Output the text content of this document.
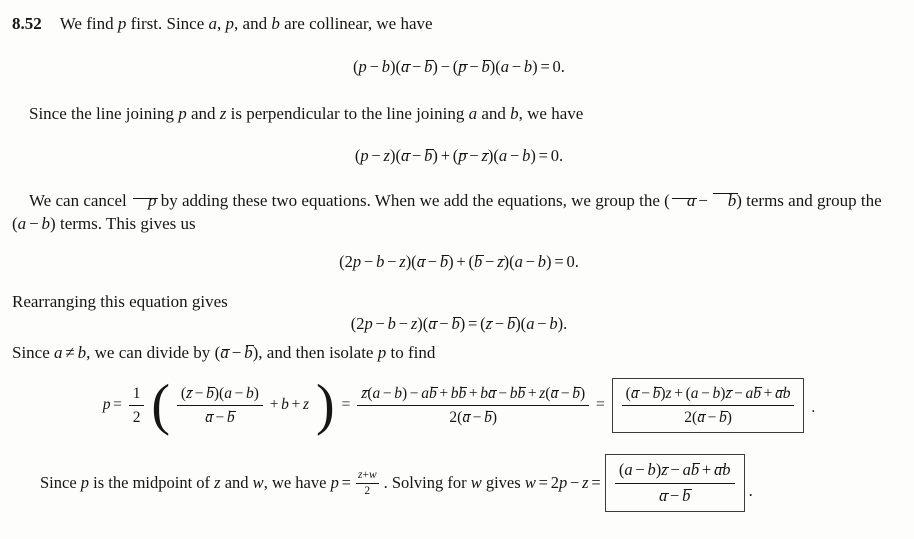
8.52 We find p first. Since a, p, and b are collinear, we have

(p − b)(a − b) − (p − b)(a − b) = 0.

Since the line joining p and z is perpendicular to the line joining a and b, we have

(p − z)(a − b) + (p − z)(a − b) = 0.

We can cancel p by adding these two equations. When we add the equations, we group the ( a − b) terms and group the (a − b) terms. This gives us

(2p − b − z)(a − b) + (b − z)(a − b) = 0.

Rearranging this equation gives

(2p − b − z)(a − b) = (z − b)(a − b).

Since a ≠ b, we can divide by (a − b), and then isolate p to find

$p = \frac{1}{2}$ ( $\frac{(z - b)(a - b)}{a - b} + b + z$ ) = $\frac{z(a - b) - ab + bb + ba - bb + z(a - b)}{2(a - b)} = \frac{(a - b)z + (a - b)z - ab + ab}{2(a - b)}$ .

Since p is the midpoint of z and w, we have $p = \frac{z+w}{2}$ . Solving for w gives $w = 2p - z = \frac{(a - b)z - ab + ab}{a - b}$ .
